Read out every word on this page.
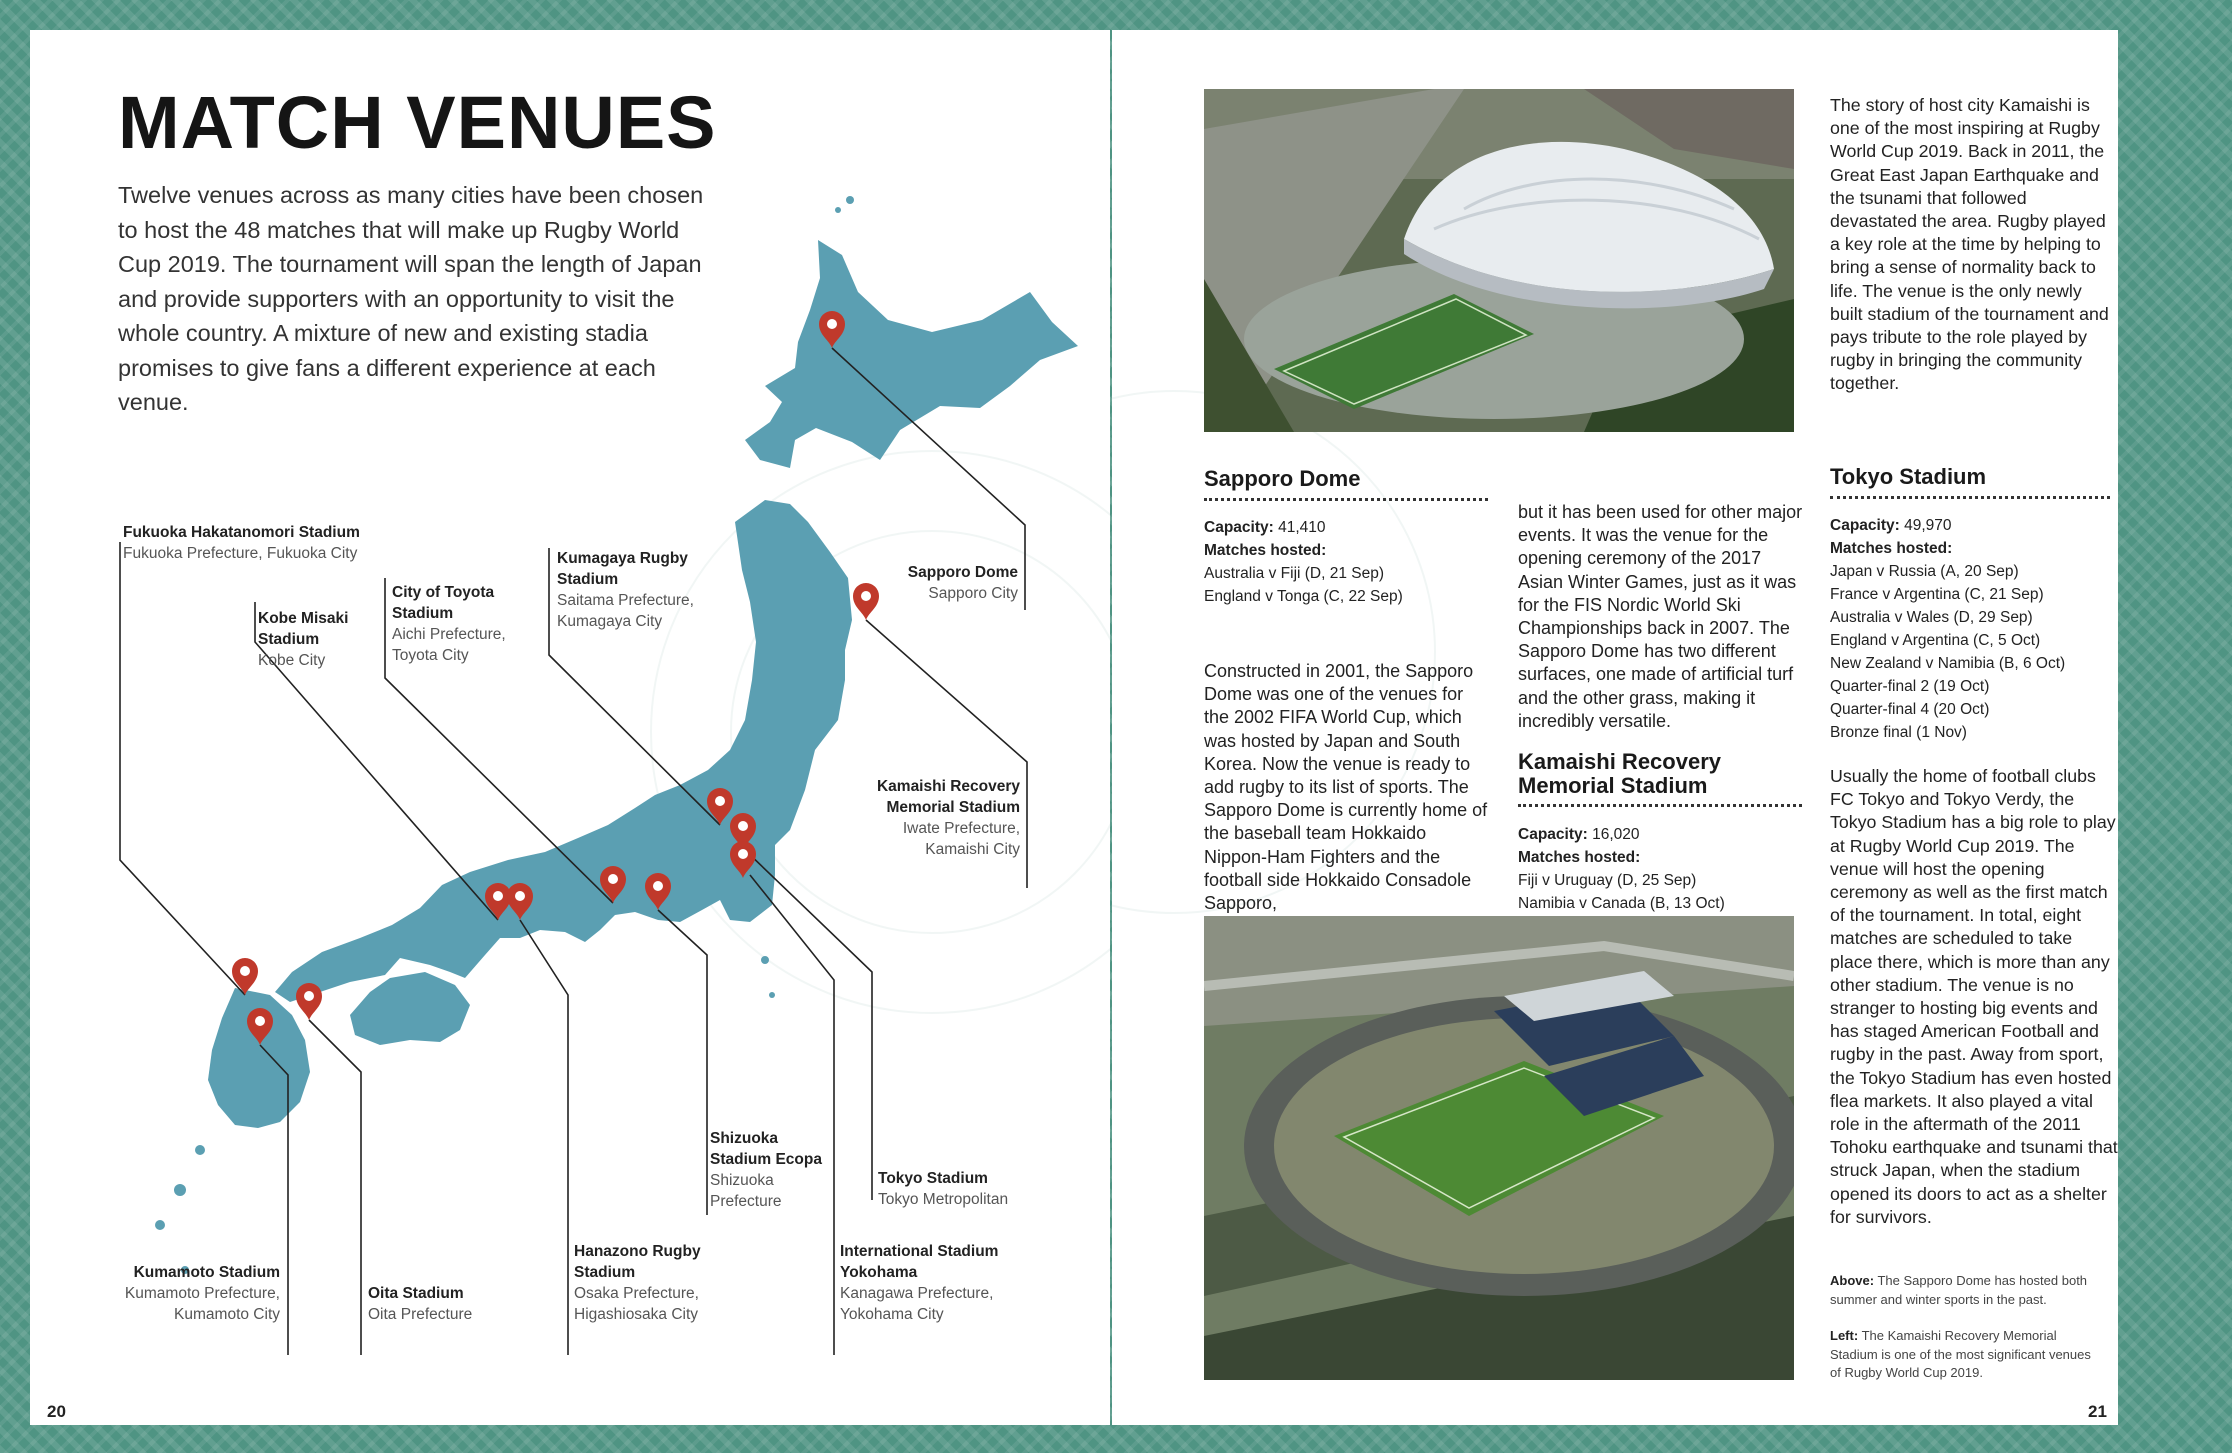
MATCH VENUES
Twelve venues across as many cities have been chosen to host the 48 matches that will make up Rugby World Cup 2019. The tournament will span the length of Japan and provide supporters with an opportunity to visit the whole country. A mixture of new and existing stadia promises to give fans a different experience at each venue.
Fukuoka Hakatanomori Stadium
Fukuoka Prefecture, Fukuoka City
Kobe Misaki Stadium
Kobe City
City of Toyota Stadium
Aichi Prefecture, Toyota City
Kumagaya Rugby Stadium
Saitama Prefecture, Kumagaya City
Sapporo Dome
Sapporo City
Kamaishi Recovery Memorial Stadium
Iwate Prefecture, Kamaishi City
Shizuoka Stadium Ecopa
Shizuoka Prefecture
Tokyo Stadium
Tokyo Metropolitan
Kumamoto Stadium
Kumamoto Prefecture, Kumamoto City
Oita Stadium
Oita Prefecture
Hanazono Rugby Stadium
Osaka Prefecture, Higashiosaka City
International Stadium Yokohama
Kanagawa Prefecture, Yokohama City
20
Sapporo Dome
Capacity: 41,410
Matches hosted:
Australia v Fiji (D, 21 Sep)
England v Tonga (C, 22 Sep)
Constructed in 2001, the Sapporo Dome was one of the venues for the 2002 FIFA World Cup, which was hosted by Japan and South Korea. Now the venue is ready to add rugby to its list of sports. The Sapporo Dome is currently home of the baseball team Hokkaido Nippon-Ham Fighters and the football side Hokkaido Consadole Sapporo,
but it has been used for other major events. It was the venue for the opening ceremony of the 2017 Asian Winter Games, just as it was for the FIS Nordic World Ski Championships back in 2007. The Sapporo Dome has two different surfaces, one made of artificial turf and the other grass, making it incredibly versatile.
Kamaishi Recovery Memorial Stadium
Capacity: 16,020
Matches hosted:
Fiji v Uruguay (D, 25 Sep)
Namibia v Canada (B, 13 Oct)
The story of host city Kamaishi is one of the most inspiring at Rugby World Cup 2019. Back in 2011, the Great East Japan Earthquake and the tsunami that followed devastated the area. Rugby played a key role at the time by helping to bring a sense of normality back to life. The venue is the only newly built stadium of the tournament and pays tribute to the role played by rugby in bringing the community together.
Tokyo Stadium
Capacity: 49,970
Matches hosted:
Japan v Russia (A, 20 Sep)
France v Argentina (C, 21 Sep)
Australia v Wales (D, 29 Sep)
England v Argentina (C, 5 Oct)
New Zealand v Namibia (B, 6 Oct)
Quarter-final 2 (19 Oct)
Quarter-final 4 (20 Oct)
Bronze final (1 Nov)
Usually the home of football clubs FC Tokyo and Tokyo Verdy, the Tokyo Stadium has a big role to play at Rugby World Cup 2019. The venue will host the opening ceremony as well as the first match of the tournament. In total, eight matches are scheduled to take place there, which is more than any other stadium. The venue is no stranger to hosting big events and has staged American Football and rugby in the past. Away from sport, the Tokyo Stadium has even hosted flea markets. It also played a vital role in the aftermath of the 2011 Tohoku earthquake and tsunami that struck Japan, when the stadium opened its doors to act as a shelter for survivors.
Above: The Sapporo Dome has hosted both summer and winter sports in the past.
Left: The Kamaishi Recovery Memorial Stadium is one of the most significant venues of Rugby World Cup 2019.
21
